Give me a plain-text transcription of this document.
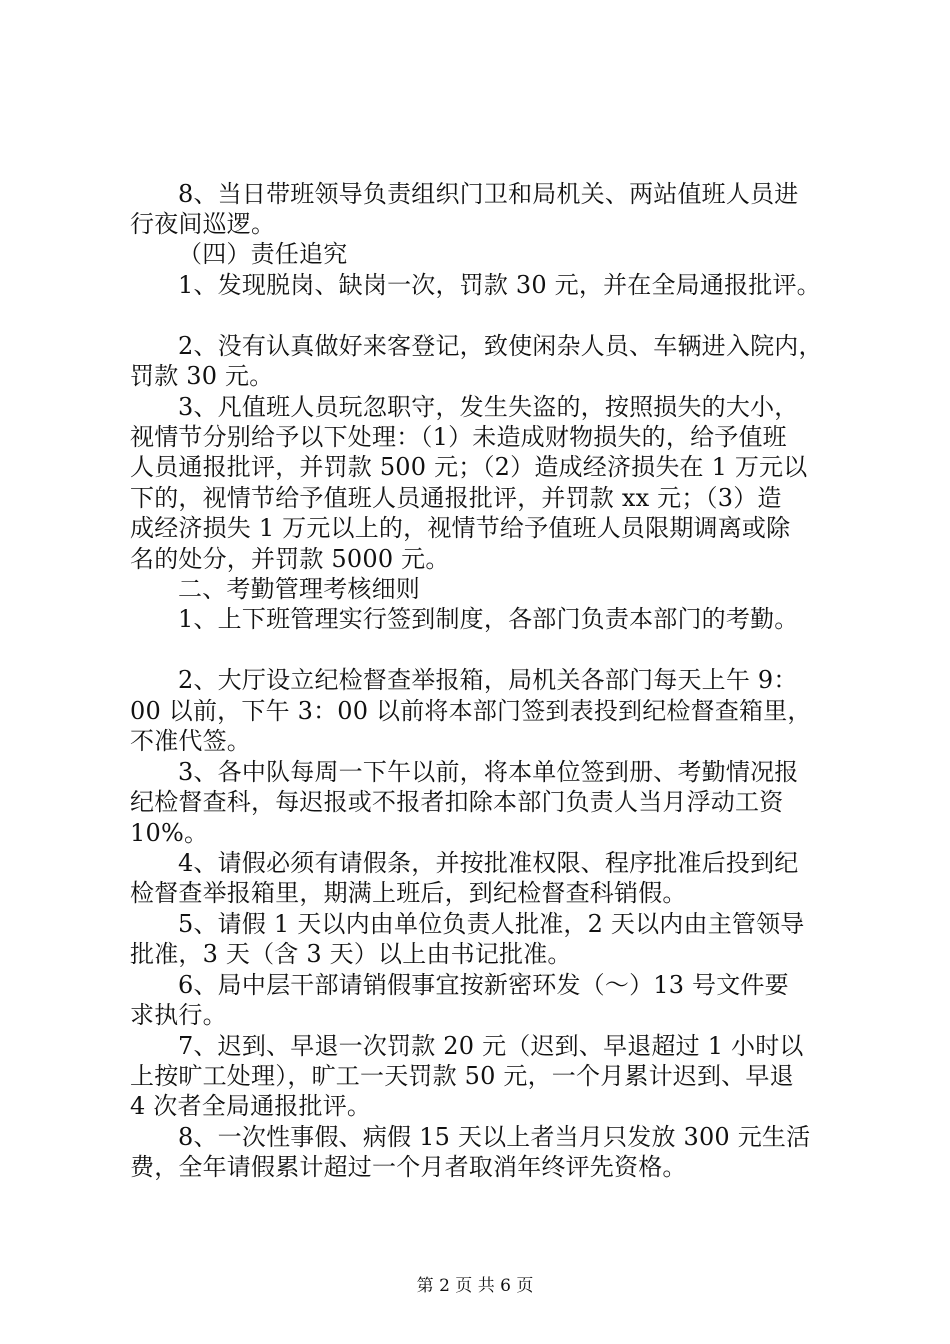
8、当日带班领导负责组织门卫和局机关、两站值班人员进
行夜间巡逻。
（四）责任追究
1、发现脱岗、缺岗一次，罚款 30 元，并在全局通报批评。
2、没有认真做好来客登记，致使闲杂人员、车辆进入院内，
罚款 30 元。
3、凡值班人员玩忽职守，发生失盗的，按照损失的大小，
视情节分别给予以下处理：（1）未造成财物损失的，给予值班
人员通报批评，并罚款 500 元；（2）造成经济损失在 1 万元以
下的，视情节给予值班人员通报批评，并罚款 xx 元；（3）造
成经济损失 1 万元以上的，视情节给予值班人员限期调离或除
名的处分，并罚款 5000 元。
二、考勤管理考核细则
1、上下班管理实行签到制度，各部门负责本部门的考勤。
2、大厅设立纪检督查举报箱，局机关各部门每天上午 9：
00 以前，下午 3：00 以前将本部门签到表投到纪检督查箱里，
不准代签。
3、各中队每周一下午以前，将本单位签到册、考勤情况报
纪检督查科，每迟报或不报者扣除本部门负责人当月浮动工资
10%。
4、请假必须有请假条，并按批准权限、程序批准后投到纪
检督查举报箱里，期满上班后，到纪检督查科销假。
5、请假 1 天以内由单位负责人批准，2 天以内由主管领导
批准，3 天（含 3 天）以上由书记批准。
6、局中层干部请销假事宜按新密环发（～）13 号文件要
求执行。
7、迟到、早退一次罚款 20 元（迟到、早退超过 1 小时以
上按旷工处理），旷工一天罚款 50 元，一个月累计迟到、早退
4 次者全局通报批评。
8、一次性事假、病假 15 天以上者当月只发放 300 元生活
费，全年请假累计超过一个月者取消年终评先资格。
第 2 页 共 6 页
